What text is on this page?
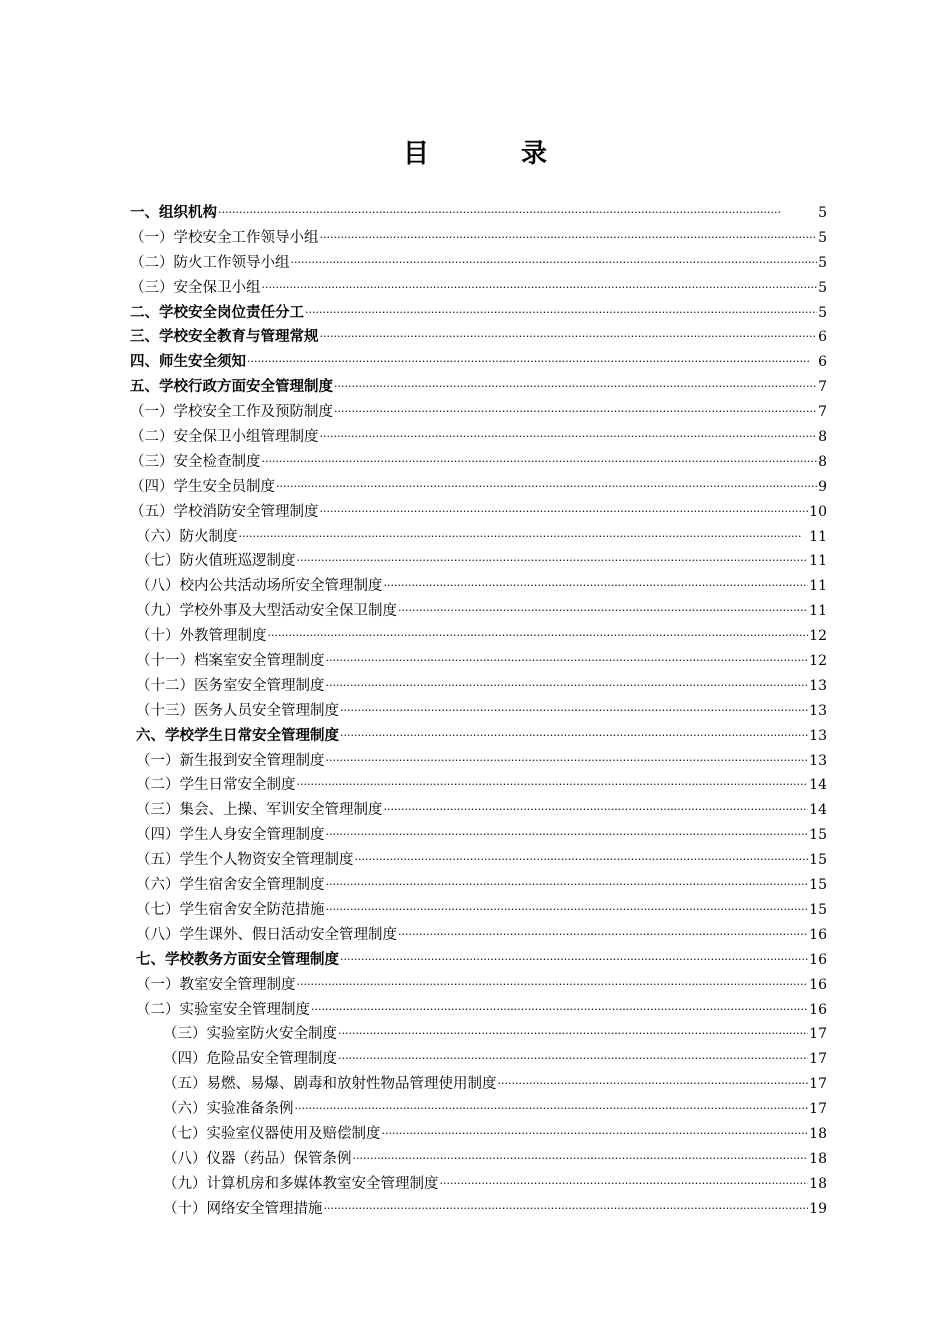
目	录
一、组织机构 ·····	5
（一）学校安全工作领导小组 ·····	5
（二）防火工作领导小组 ·····	5
（三）安全保卫小组 ·····	5
二、学校安全岗位责任分工 ·····	5
三、学校安全教育与管理常规 ·····	6
四、师生安全须知 ·····	6
五、学校行政方面安全管理制度 ·····	7
（一）学校安全工作及预防制度 ·····	7
（二）安全保卫小组管理制度 ·····	8
（三）安全检查制度 ·····	8
（四）学生安全员制度 ·····	9
（五）学校消防安全管理制度 ·····	10
（六）防火制度 ·····	11
（七）防火值班巡逻制度 ·····	11
（八）校内公共活动场所安全管理制度 ·····	11
（九）学校外事及大型活动安全保卫制度 ·····	11
（十）外教管理制度 ·····	12
（十一）档案室安全管理制度 ·····	12
（十二）医务室安全管理制度 ·····	13
（十三）医务人员安全管理制度 ·····	13
六、学校学生日常安全管理制度 ·····	13
（一）新生报到安全管理制度 ·····	13
（二）学生日常安全制度 ·····	14
（三）集会、上操、军训安全管理制度 ·····	14
（四）学生人身安全管理制度 ·····	15
（五）学生个人物资安全管理制度 ·····	15
（六）学生宿舍安全管理制度 ·····	15
（七）学生宿舍安全防范措施 ·····	15
（八）学生课外、假日活动安全管理制度 ·····	16
七、学校教务方面安全管理制度 ·····	16
（一）教室安全管理制度 ·····	16
（二）实验室安全管理制度 ·····	16
（三）实验室防火安全制度 ·····	17
（四）危险品安全管理制度 ·····	17
（五）易燃、易爆、剧毒和放射性物品管理使用制度 ·····	17
（六）实验准备条例 ·····	17
（七）实验室仪器使用及赔偿制度 ·····	18
（八）仪器（药品）保管条例 ·····	18
（九）计算机房和多媒体教室安全管理制度 ·····	18
（十）网络安全管理措施 ·····	19
